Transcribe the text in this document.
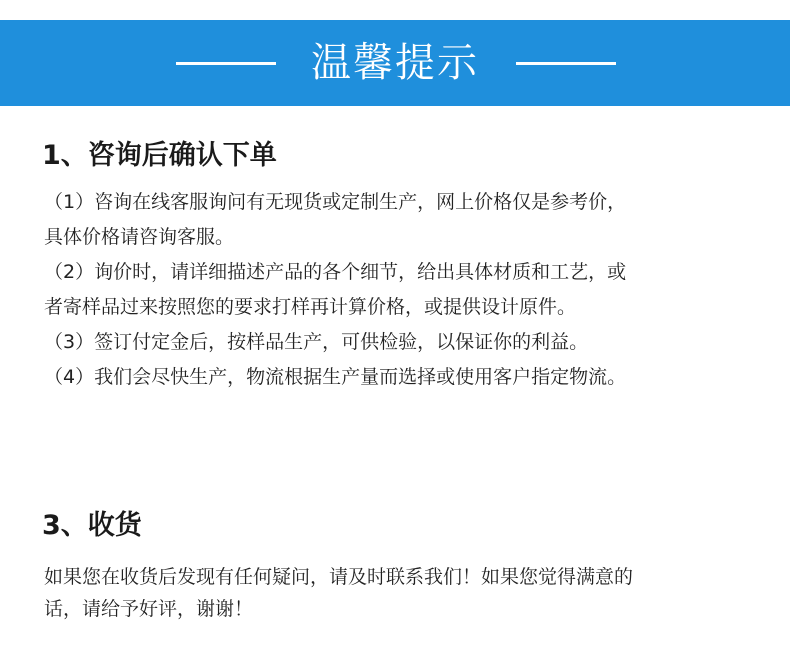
温馨提示
1、咨询后确认下单
（1）咨询在线客服询问有无现货或定制生产，网上价格仅是参考价，
具体价格请咨询客服。
（2）询价时，请详细描述产品的各个细节，给出具体材质和工艺，或
者寄样品过来按照您的要求打样再计算价格，或提供设计原件。
（3）签订付定金后，按样品生产，可供检验，以保证你的利益。
（4）我们会尽快生产，物流根据生产量而选择或使用客户指定物流。
3、收货
如果您在收货后发现有任何疑问，请及时联系我们！如果您觉得满意的
话，请给予好评，谢谢！
